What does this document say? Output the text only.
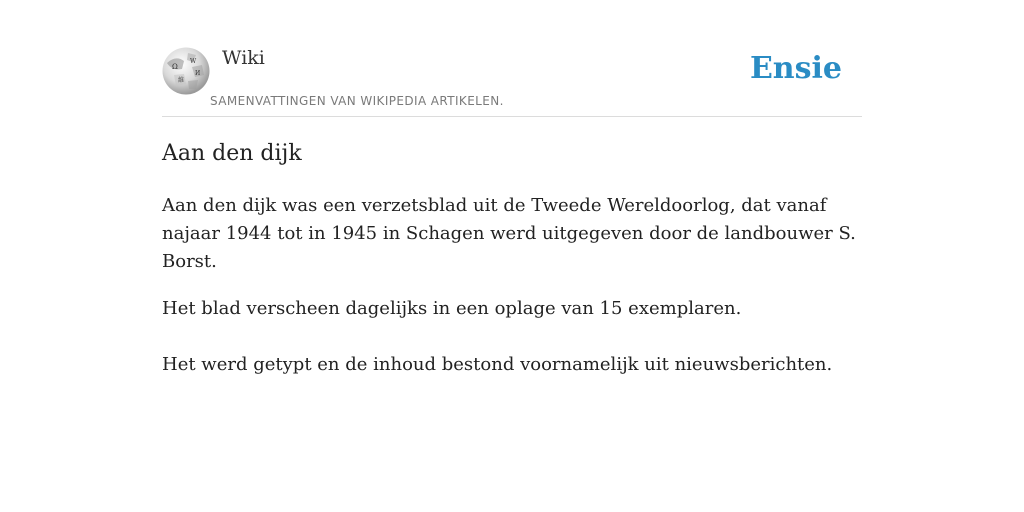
Ω
W
И
維
Wiki
SAMENVATTINGEN VAN WIKIPEDIA ARTIKELEN.
Ensie
Aan den dijk

Aan den dijk was een verzetsblad uit de Tweede Wereldoorlog, dat vanaf najaar 1944 tot in 1945 in Schagen werd uitgegeven door de landbouwer S. Borst.

Het blad verscheen dagelijks in een oplage van 15 exemplaren.

Het werd getypt en de inhoud bestond voornamelijk uit nieuwsberichten.
